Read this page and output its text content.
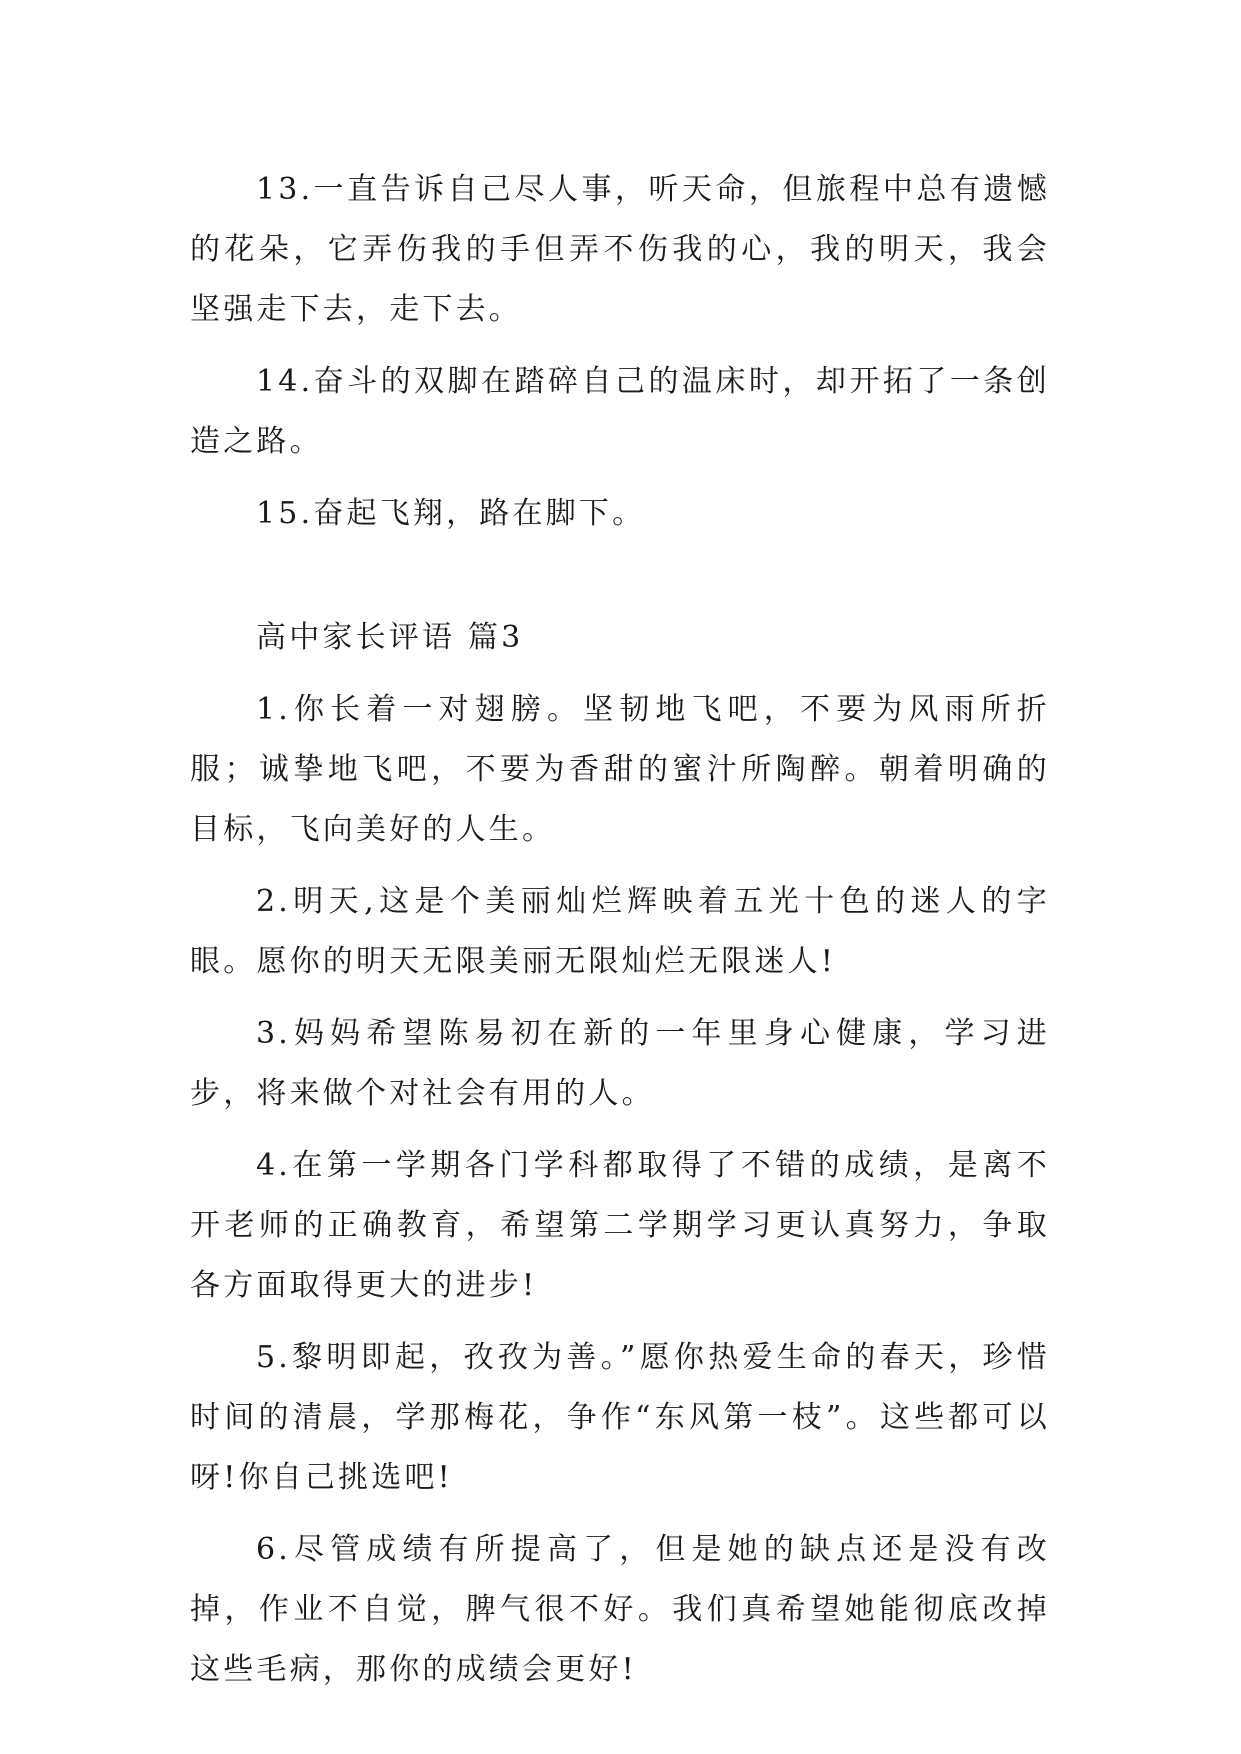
13.一直告诉自己尽人事，听天命，但旅程中总有遗憾的花朵，它弄伤我的手但弄不伤我的心，我的明天，我会坚强走下去，走下去。

14.奋斗的双脚在踏碎自己的温床时，却开拓了一条创造之路。

15.奋起飞翔，路在脚下。

高中家长评语 篇3

1.你长着一对翅膀。坚韧地飞吧，不要为风雨所折服；诚挚地飞吧，不要为香甜的蜜汁所陶醉。朝着明确的目标，飞向美好的人生。

2.明天,这是个美丽灿烂辉映着五光十色的迷人的字眼。愿你的明天无限美丽无限灿烂无限迷人!

3.妈妈希望陈易初在新的一年里身心健康，学习进步，将来做个对社会有用的人。

4.在第一学期各门学科都取得了不错的成绩，是离不开老师的正确教育，希望第二学期学习更认真努力，争取各方面取得更大的进步!

5.黎明即起，孜孜为善。”愿你热爱生命的春天，珍惜时间的清晨，学那梅花，争作“东风第一枝”。这些都可以呀!你自己挑选吧!

6.尽管成绩有所提高了，但是她的缺点还是没有改掉，作业不自觉，脾气很不好。我们真希望她能彻底改掉这些毛病，那你的成绩会更好!
